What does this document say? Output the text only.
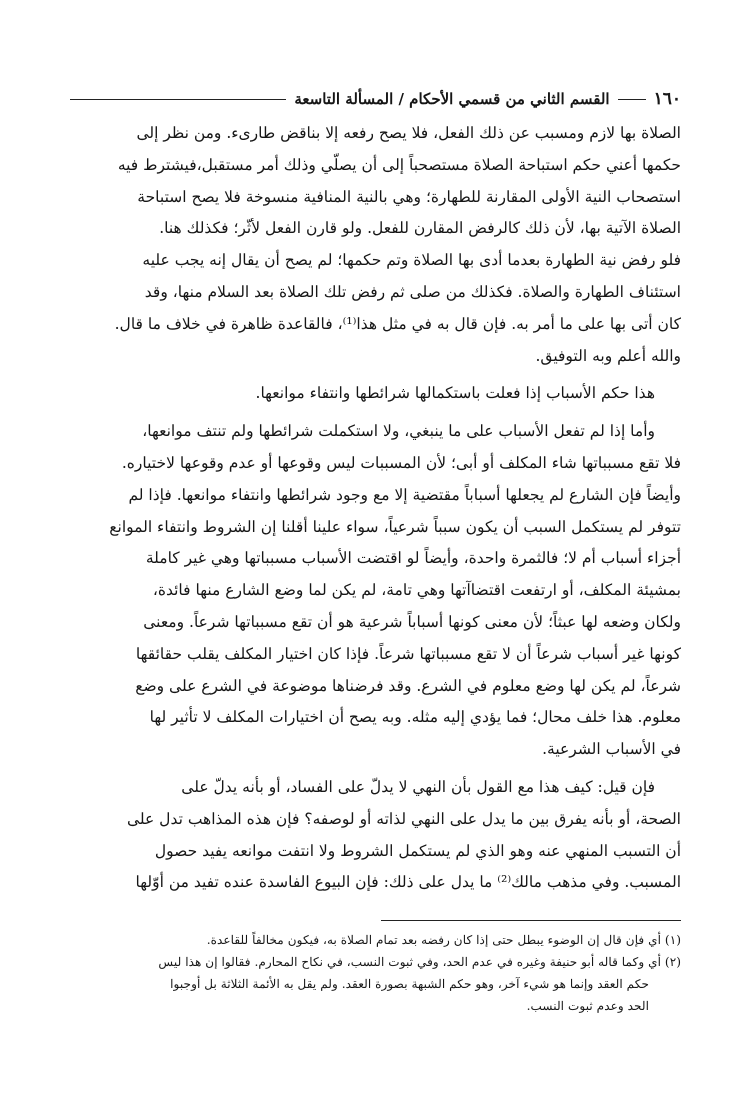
١٦٠
القسم الثاني من قسمي الأحكام / المسألة التاسعة

الصلاة بها لازم ومسبب عن ذلك الفعل، فلا يصح رفعه إلا بناقض طارىء. ومن نظر إلى
حكمها أعني حكم استباحة الصلاة مستصحباً إلى أن يصلّي وذلك أمر مستقبل،فيشترط فيه
استصحاب النية الأولى المقارنة للطهارة؛ وهي بالنية المنافية منسوخة فلا يصح استباحة
الصلاة الآتية بها، لأن ذلك كالرفض المقارن للفعل. ولو قارن الفعل لأثّر؛ فكذلك هنا.
فلو رفض نية الطهارة بعدما أدى بها الصلاة وتم حكمها؛ لم يصح أن يقال إنه يجب عليه
استئناف الطهارة والصلاة. فكذلك من صلى ثم رفض تلك الصلاة بعد السلام منها، وقد
كان أتى بها على ما أمر به. فإن قال به في مثل هذا⁽¹⁾، فالقاعدة ظاهرة في خلاف ما قال.
والله أعلم وبه التوفيق.

هذا حكم الأسباب إذا فعلت باستكمالها شرائطها وانتفاء موانعها.

وأما إذا لم تفعل الأسباب على ما ينبغي، ولا استكملت شرائطها ولم تنتف موانعها،
فلا تقع مسبباتها شاء المكلف أو أبى؛ لأن المسببات ليس وقوعها أو عدم وقوعها لاختياره.
وأيضاً فإن الشارع لم يجعلها أسباباً مقتضية إلا مع وجود شرائطها وانتفاء موانعها. فإذا لم
تتوفر لم يستكمل السبب أن يكون سبباً شرعياً، سواء علينا أقلنا إن الشروط وانتفاء الموانع
أجزاء أسباب أم لا؛ فالثمرة واحدة، وأيضاً لو اقتضت الأسباب مسبباتها وهي غير كاملة
بمشيئة المكلف، أو ارتفعت اقتضاآتها وهي تامة، لم يكن لما وضع الشارع منها فائدة،
ولكان وضعه لها عبثاً؛ لأن معنى كونها أسباباً شرعية هو أن تقع مسبباتها شرعاً. ومعنى
كونها غير أسباب شرعاً أن لا تقع مسبباتها شرعاً. فإذا كان اختيار المكلف يقلب حقائقها
شرعاً، لم يكن لها وضع معلوم في الشرع. وقد فرضناها موضوعة في الشرع على وضع
معلوم. هذا خلف محال؛ فما يؤدي إليه مثله. وبه يصح أن اختيارات المكلف لا تأثير لها
في الأسباب الشرعية.

فإن قيل: كيف هذا مع القول بأن النهي لا يدلّ على الفساد، أو بأنه يدلّ على
الصحة، أو بأنه يفرق بين ما يدل على النهي لذاته أو لوصفه؟ فإن هذه المذاهب تدل على
أن التسبب المنهي عنه وهو الذي لم يستكمل الشروط ولا انتفت موانعه يفيد حصول
المسبب. وفي مذهب مالك⁽²⁾ ما يدل على ذلك: فإن البيوع الفاسدة عنده تفيد من أوّلها

(١) أي فإن قال إن الوضوء يبطل حتى إذا كان رفضه بعد تمام الصلاة به، فيكون مخالفاً للقاعدة.
(٢) أي وكما قاله أبو حنيفة وغيره في عدم الحد، وفي ثبوت النسب، في نكاح المحارم. فقالوا إن هذا ليس
حكم العقد وإنما هو شيء آخر، وهو حكم الشبهة بصورة العقد. ولم يقل به الأئمة الثلاثة بل أوجبوا
الحد وعدم ثبوت النسب.
